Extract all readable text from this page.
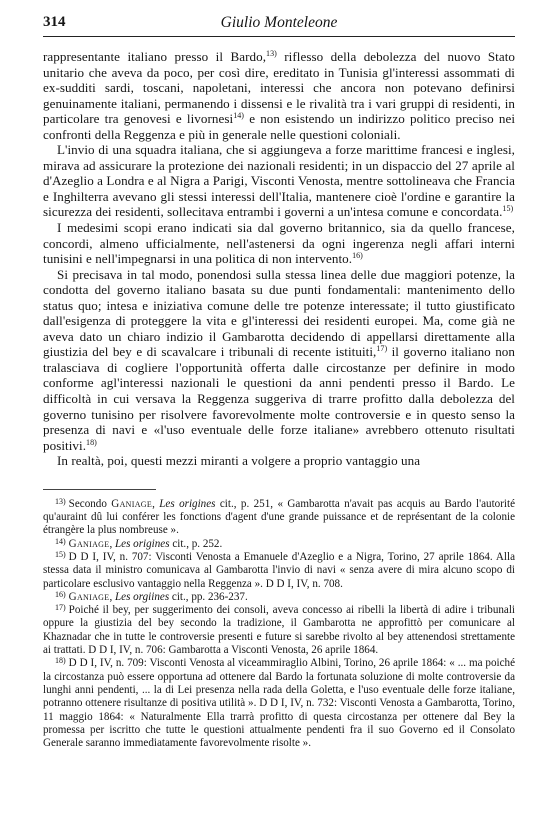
314	Giulio Monteleone

rappresentante italiano presso il Bardo,$^{13)}$ riflesso della debolezza del nuovo Stato unitario che aveva da poco, per così dire, ereditato in Tunisia gl'interessi assommati di ex-sudditi sardi, toscani, napoletani, interessi che ancora non potevano definirsi genuinamente italiani, permanendo i dissensi e le rivalità tra i vari gruppi di residenti, in particolare tra genovesi e livornesi$^{14)}$ e non esistendo un indirizzo politico preciso nei confronti della Reggenza e più in generale nelle questioni coloniali.

L'invio di una squadra italiana, che si aggiungeva a forze marittime francesi e inglesi, mirava ad assicurare la protezione dei nazionali residenti; in un dispaccio del 27 aprile al d'Azeglio a Londra e al Nigra a Parigi, Visconti Venosta, mentre sottolineava che Francia e Inghilterra avevano gli stessi interessi dell'Italia, mantenere cioè l'ordine e garantire la sicurezza dei residenti, sollecitava entrambi i governi a un'intesa comune e concordata.$^{15)}$

I medesimi scopi erano indicati sia dal governo britannico, sia da quello francese, concordi, almeno ufficialmente, nell'astenersi da ogni ingerenza negli affari interni tunisini e nell'impegnarsi in una politica di non intervento.$^{16)}$

Si precisava in tal modo, ponendosi sulla stessa linea delle due maggiori potenze, la condotta del governo italiano basata su due punti fondamentali: mantenimento dello status quo; intesa e iniziativa comune delle tre potenze interessate; il tutto giustificato dall'esigenza di proteggere la vita e gl'interessi dei residenti europei. Ma, come già ne aveva dato un chiaro indizio il Gambarotta decidendo di appellarsi direttamente alla giustizia del bey e di scavalcare i tribunali di recente istituiti,$^{17)}$ il governo italiano non tralasciava di cogliere l'opportunità offerta dalle circostanze per definire in modo conforme agl'interessi nazionali le questioni da anni pendenti presso il Bardo. Le difficoltà in cui versava la Reggenza suggeriva di trarre profitto dalla debolezza del governo tunisino per risolvere favorevolmente molte controversie e in questo senso la presenza di navi e «l'uso eventuale delle forze italiane» avrebbero ottenuto risultati positivi.$^{18)}$

In realtà, poi, questi mezzi miranti a volgere a proprio vantaggio una

$^{13)}$ Secondo Ganiage, Les origines cit., p. 251, « Gambarotta n'avait pas acquis au Bardo l'autorité qu'auraint dû lui conférer les fonctions d'agent d'une grande puissance et de représentant de la colonie étrangère la plus nombreuse ».

$^{14)}$ Ganiage, Les origines cit., p. 252.

$^{15)}$ D D I, IV, n. 707: Visconti Venosta a Emanuele d'Azeglio e a Nigra, Torino, 27 aprile 1864. Alla stessa data il ministro comunicava al Gambarotta l'invio di navi « senza avere di mira alcuno scopo di particolare esclusivo vantaggio nella Reggenza ». D D I, IV, n. 708.

$^{16)}$ Ganiage, Les orgiines cit., pp. 236-237.

$^{17)}$ Poiché il bey, per suggerimento dei consoli, aveva concesso ai ribelli la libertà di adire i tribunali oppure la giustizia del bey secondo la tradizione, il Gambarotta ne approfittò per comunicare al Khaznadar che in tutte le controversie presenti e future si sarebbe rivolto al bey attenendosi strettamente ai trattati. D D I, IV, n. 706: Gambarotta a Visconti Venosta, 26 aprile 1864.

$^{18)}$ D D I, IV, n. 709: Visconti Venosta al viceammiraglio Albini, Torino, 26 aprile 1864: « ... ma poiché la circostanza può essere opportuna ad ottenere dal Bardo la fortunata soluzione di molte controversie da lunghi anni pendenti, ... la di Lei presenza nella rada della Goletta, e l'uso eventuale delle forze italiane, potranno ottenere risultanze di positiva utilità ». D D I, IV, n. 732: Visconti Venosta a Gambarotta, Torino, 11 maggio 1864: « Naturalmente Ella trarrà profitto di questa circostanza per ottenere dal Bey la promessa per iscritto che tutte le questioni attualmente pendenti fra il suo Governo ed il Consolato Generale saranno immediatamente favorevolmente risolte ».
